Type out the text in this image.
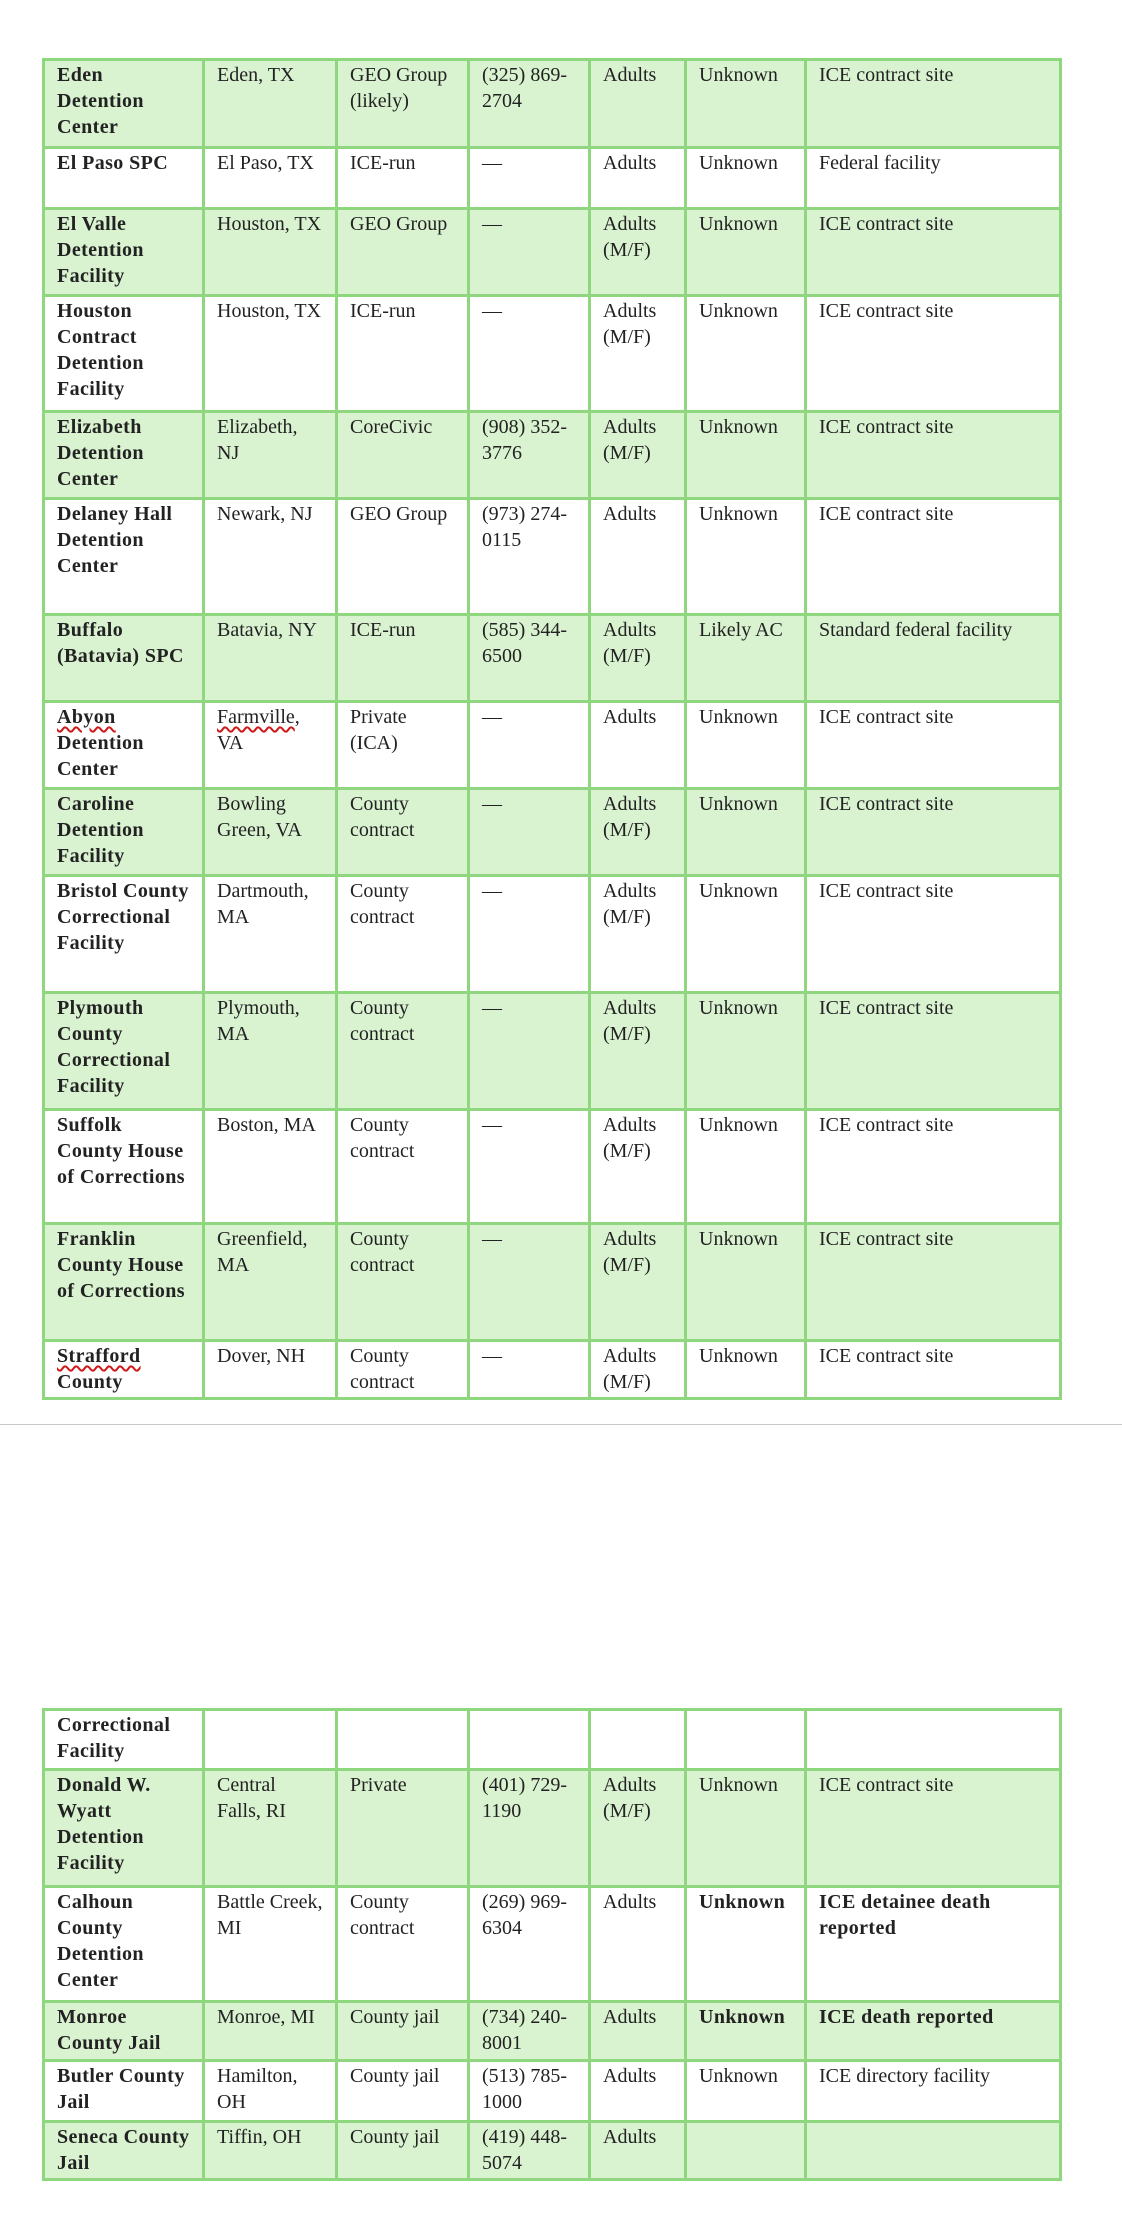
Eden Detention Center	Eden, TX	GEO Group (likely)	(325) 869-2704	Adults	Unknown	ICE contract site
El Paso SPC	El Paso, TX	ICE-run	—	Adults	Unknown	Federal facility
El Valle Detention Facility	Houston, TX	GEO Group	—	Adults (M/F)	Unknown	ICE contract site
Houston Contract Detention Facility	Houston, TX	ICE-run	—	Adults (M/F)	Unknown	ICE contract site
Elizabeth Detention Center	Elizabeth, NJ	CoreCivic	(908) 352-3776	Adults (M/F)	Unknown	ICE contract site
Delaney Hall Detention Center	Newark, NJ	GEO Group	(973) 274-0115	Adults	Unknown	ICE contract site
Buffalo (Batavia) SPC	Batavia, NY	ICE-run	(585) 344-6500	Adults (M/F)	Likely AC	Standard federal facility
Abyon Detention Center	Farmville, VA	Private (ICA)	—	Adults	Unknown	ICE contract site
Caroline Detention Facility	Bowling Green, VA	County contract	—	Adults (M/F)	Unknown	ICE contract site
Bristol County Correctional Facility	Dartmouth, MA	County contract	—	Adults (M/F)	Unknown	ICE contract site
Plymouth County Correctional Facility	Plymouth, MA	County contract	—	Adults (M/F)	Unknown	ICE contract site
Suffolk County House of Corrections	Boston, MA	County contract	—	Adults (M/F)	Unknown	ICE contract site
Franklin County House of Corrections	Greenfield, MA	County contract	—	Adults (M/F)	Unknown	ICE contract site
Strafford County	Dover, NH	County contract	—	Adults (M/F)	Unknown	ICE contract site
Correctional Facility						
Donald W. Wyatt Detention Facility	Central Falls, RI	Private	(401) 729-1190	Adults (M/F)	Unknown	ICE contract site
Calhoun County Detention Center	Battle Creek, MI	County contract	(269) 969-6304	Adults	Unknown	ICE detainee death reported
Monroe County Jail	Monroe, MI	County jail	(734) 240-8001	Adults	Unknown	ICE death reported
Butler County Jail	Hamilton, OH	County jail	(513) 785-1000	Adults	Unknown	ICE directory facility
Seneca County Jail	Tiffin, OH	County jail	(419) 448-5074	Adults		
